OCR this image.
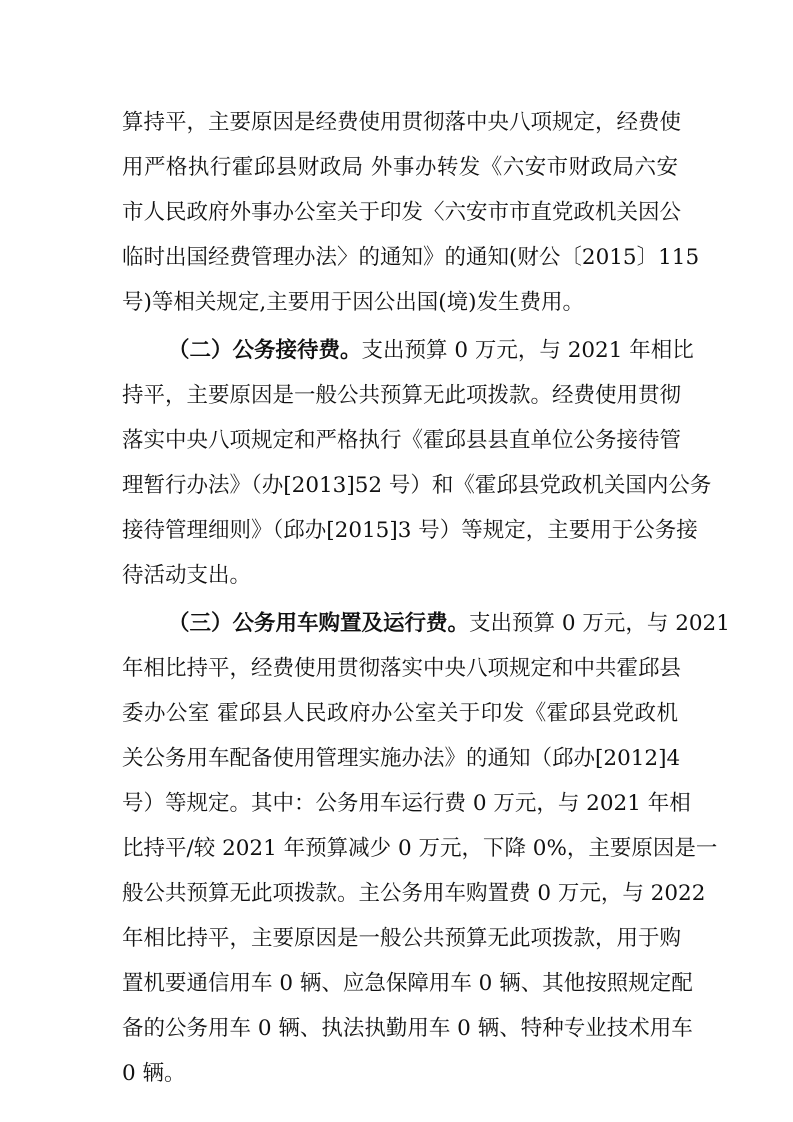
算持平，主要原因是经费使用贯彻落中央八项规定，经费使
用严格执行霍邱县财政局 外事办转发《六安市财政局六安
市人民政府外事办公室关于印发〈六安市市直党政机关因公
临时出国经费管理办法〉的通知》的通知(财公〔2015〕115
号)等相关规定,主要用于因公出国(境)发生费用。
（二）公务接待费。支出预算 0 万元，与 2021 年相比
持平，主要原因是一般公共预算无此项拨款。经费使用贯彻
落实中央八项规定和严格执行《霍邱县县直单位公务接待管
理暂行办法》（办[2013]52 号）和《霍邱县党政机关国内公务
接待管理细则》（邱办[2015]3 号）等规定，主要用于公务接
待活动支出。
（三）公务用车购置及运行费。支出预算 0 万元，与 2021
年相比持平，经费使用贯彻落实中央八项规定和中共霍邱县
委办公室 霍邱县人民政府办公室关于印发《霍邱县党政机
关公务用车配备使用管理实施办法》的通知（邱办[2012]4
号）等规定。其中：公务用车运行费 0 万元，与 2021 年相
比持平/较 2021 年预算减少 0 万元，下降 0%，主要原因是一
般公共预算无此项拨款。主公务用车购置费 0 万元，与 2022
年相比持平，主要原因是一般公共预算无此项拨款，用于购
置机要通信用车 0 辆、应急保障用车 0 辆、其他按照规定配
备的公务用车 0 辆、执法执勤用车 0 辆、特种专业技术用车
0 辆。
